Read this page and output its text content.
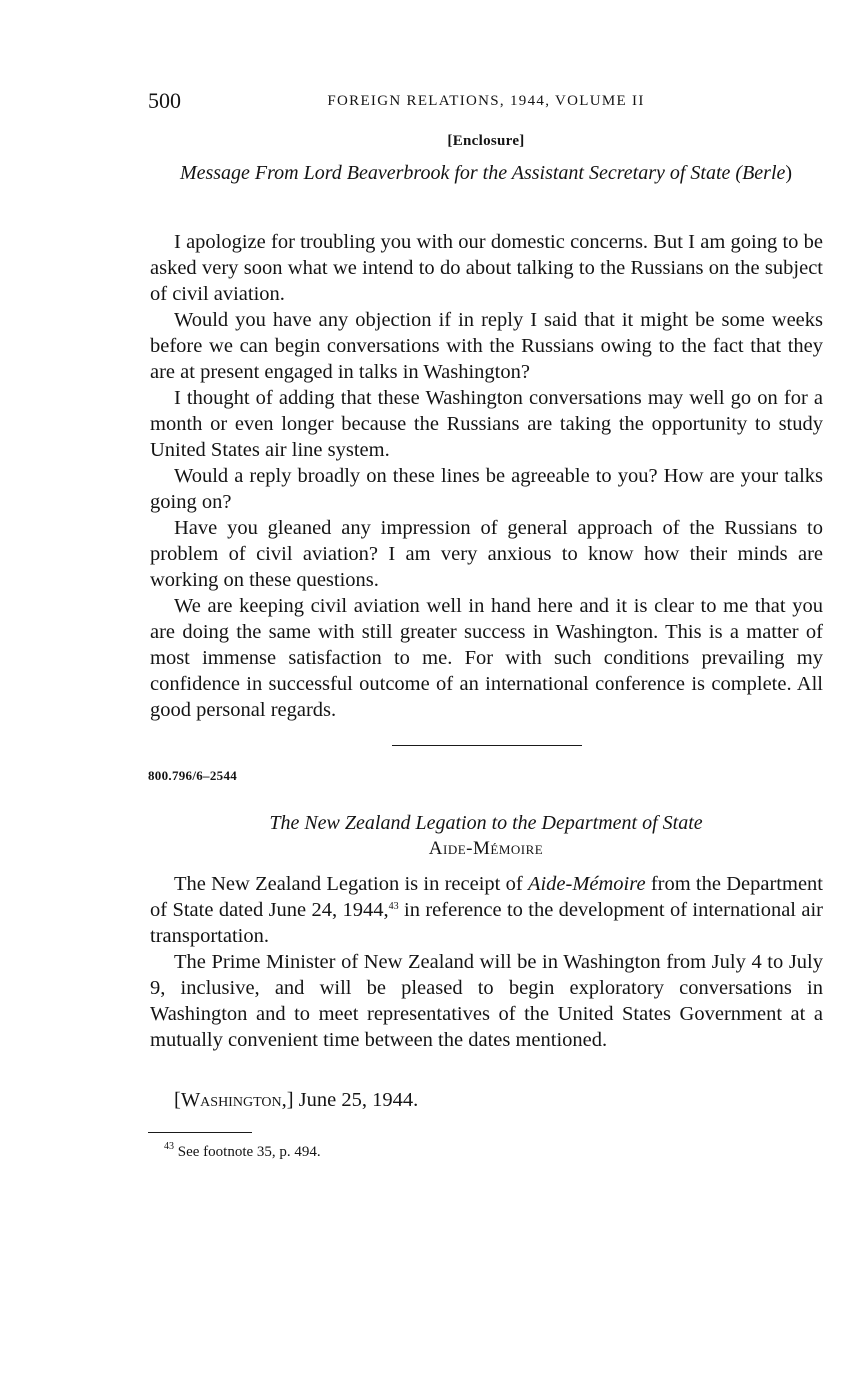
500	FOREIGN RELATIONS, 1944, VOLUME II
[Enclosure]
Message From Lord Beaverbrook for the Assistant Secretary of State (Berle)

I apologize for troubling you with our domestic concerns. But I am going to be asked very soon what we intend to do about talking to the Russians on the subject of civil aviation.

Would you have any objection if in reply I said that it might be some weeks before we can begin conversations with the Russians owing to the fact that they are at present engaged in talks in Washington?

I thought of adding that these Washington conversations may well go on for a month or even longer because the Russians are taking the opportunity to study United States air line system.

Would a reply broadly on these lines be agreeable to you? How are your talks going on?

Have you gleaned any impression of general approach of the Russians to problem of civil aviation? I am very anxious to know how their minds are working on these questions.

We are keeping civil aviation well in hand here and it is clear to me that you are doing the same with still greater success in Washington. This is a matter of most immense satisfaction to me. For with such conditions prevailing my confidence in successful outcome of an international conference is complete. All good personal regards.

800.796/6–2544
The New Zealand Legation to the Department of State
Aide-Mémoire

The New Zealand Legation is in receipt of Aide-Mémoire from the Department of State dated June 24, 1944,43 in reference to the development of international air transportation.

The Prime Minister of New Zealand will be in Washington from July 4 to July 9, inclusive, and will be pleased to begin exploratory conversations in Washington and to meet representatives of the United States Government at a mutually convenient time between the dates mentioned.

[Washington,] June 25, 1944.
$^{43}$ See footnote 35, p. 494.
